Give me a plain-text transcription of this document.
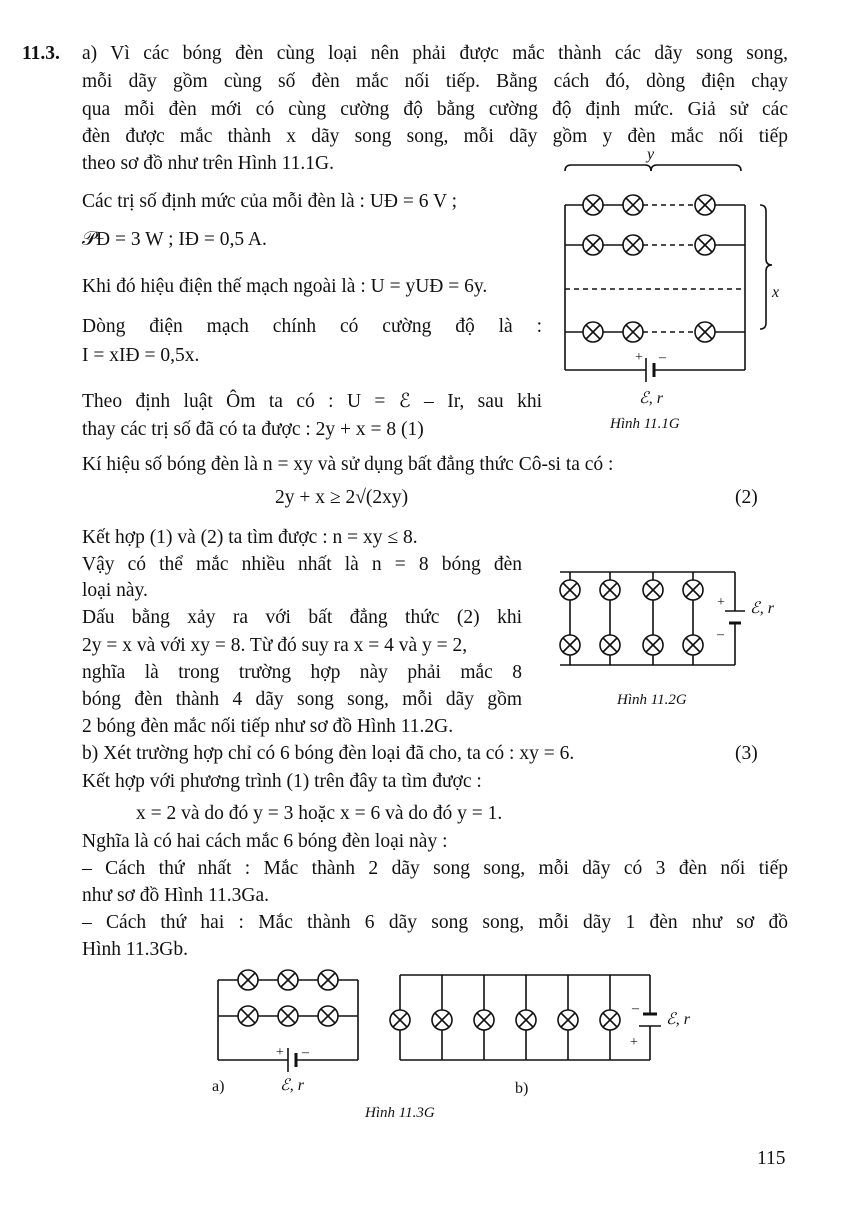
11.3. a) Vì các bóng đèn cùng loại nên phải được mắc thành các dãy song song,
mỗi dãy gồm cùng số đèn mắc nối tiếp. Bằng cách đó, dòng điện chạy
qua mỗi đèn mới có cùng cường độ bằng cường độ định mức. Giả sử các
đèn được mắc thành x dãy song song, mỗi dãy gồm y đèn mắc nối tiếp
theo sơ đồ như trên Hình 11.1G.
Các trị số định mức của mỗi đèn là : UĐ = 6 V ;
𝒫Đ = 3 W ; IĐ = 0,5 A.
Khi đó hiệu điện thế mạch ngoài là : U = yUĐ = 6y.
Dòng điện mạch chính có cường độ là :
I = xIĐ = 0,5x.
Theo định luật Ôm ta có : U = ℰ – Ir, sau khi
thay các trị số đã có ta được : 2y + x = 8 (1)
Kí hiệu số bóng đèn là n = xy và sử dụng bất đẳng thức Cô-si ta có :
2y + x ≥ 2√(2xy)	(2)
Kết hợp (1) và (2) ta tìm được : n = xy ≤ 8.
Vậy có thể mắc nhiều nhất là n = 8 bóng đèn
loại này.
Dấu bằng xảy ra với bất đẳng thức (2) khi
2y = x và với xy = 8. Từ đó suy ra x = 4 và y = 2,
nghĩa là trong trường hợp này phải mắc 8
bóng đèn thành 4 dãy song song, mỗi dãy gồm
2 bóng đèn mắc nối tiếp như sơ đồ Hình 11.2G.
b) Xét trường hợp chỉ có 6 bóng đèn loại đã cho, ta có : xy = 6.	(3)
Kết hợp với phương trình (1) trên đây ta tìm được :
x = 2 và do đó y = 3 hoặc x = 6 và do đó y = 1.
Nghĩa là có hai cách mắc 6 bóng đèn loại này :
– Cách thứ nhất : Mắc thành 2 dãy song song, mỗi dãy có 3 đèn nối tiếp
như sơ đồ Hình 11.3Ga.
– Cách thứ hai : Mắc thành 6 dãy song song, mỗi dãy 1 đèn như sơ đồ
Hình 11.3Gb.
y
+ –
ℰ, r
x
Hình 11.1G
+
–
ℰ, r
Hình 11.2G
+ –
ℰ, r
a)
–
+
ℰ, r
b)
Hình 11.3G
115
